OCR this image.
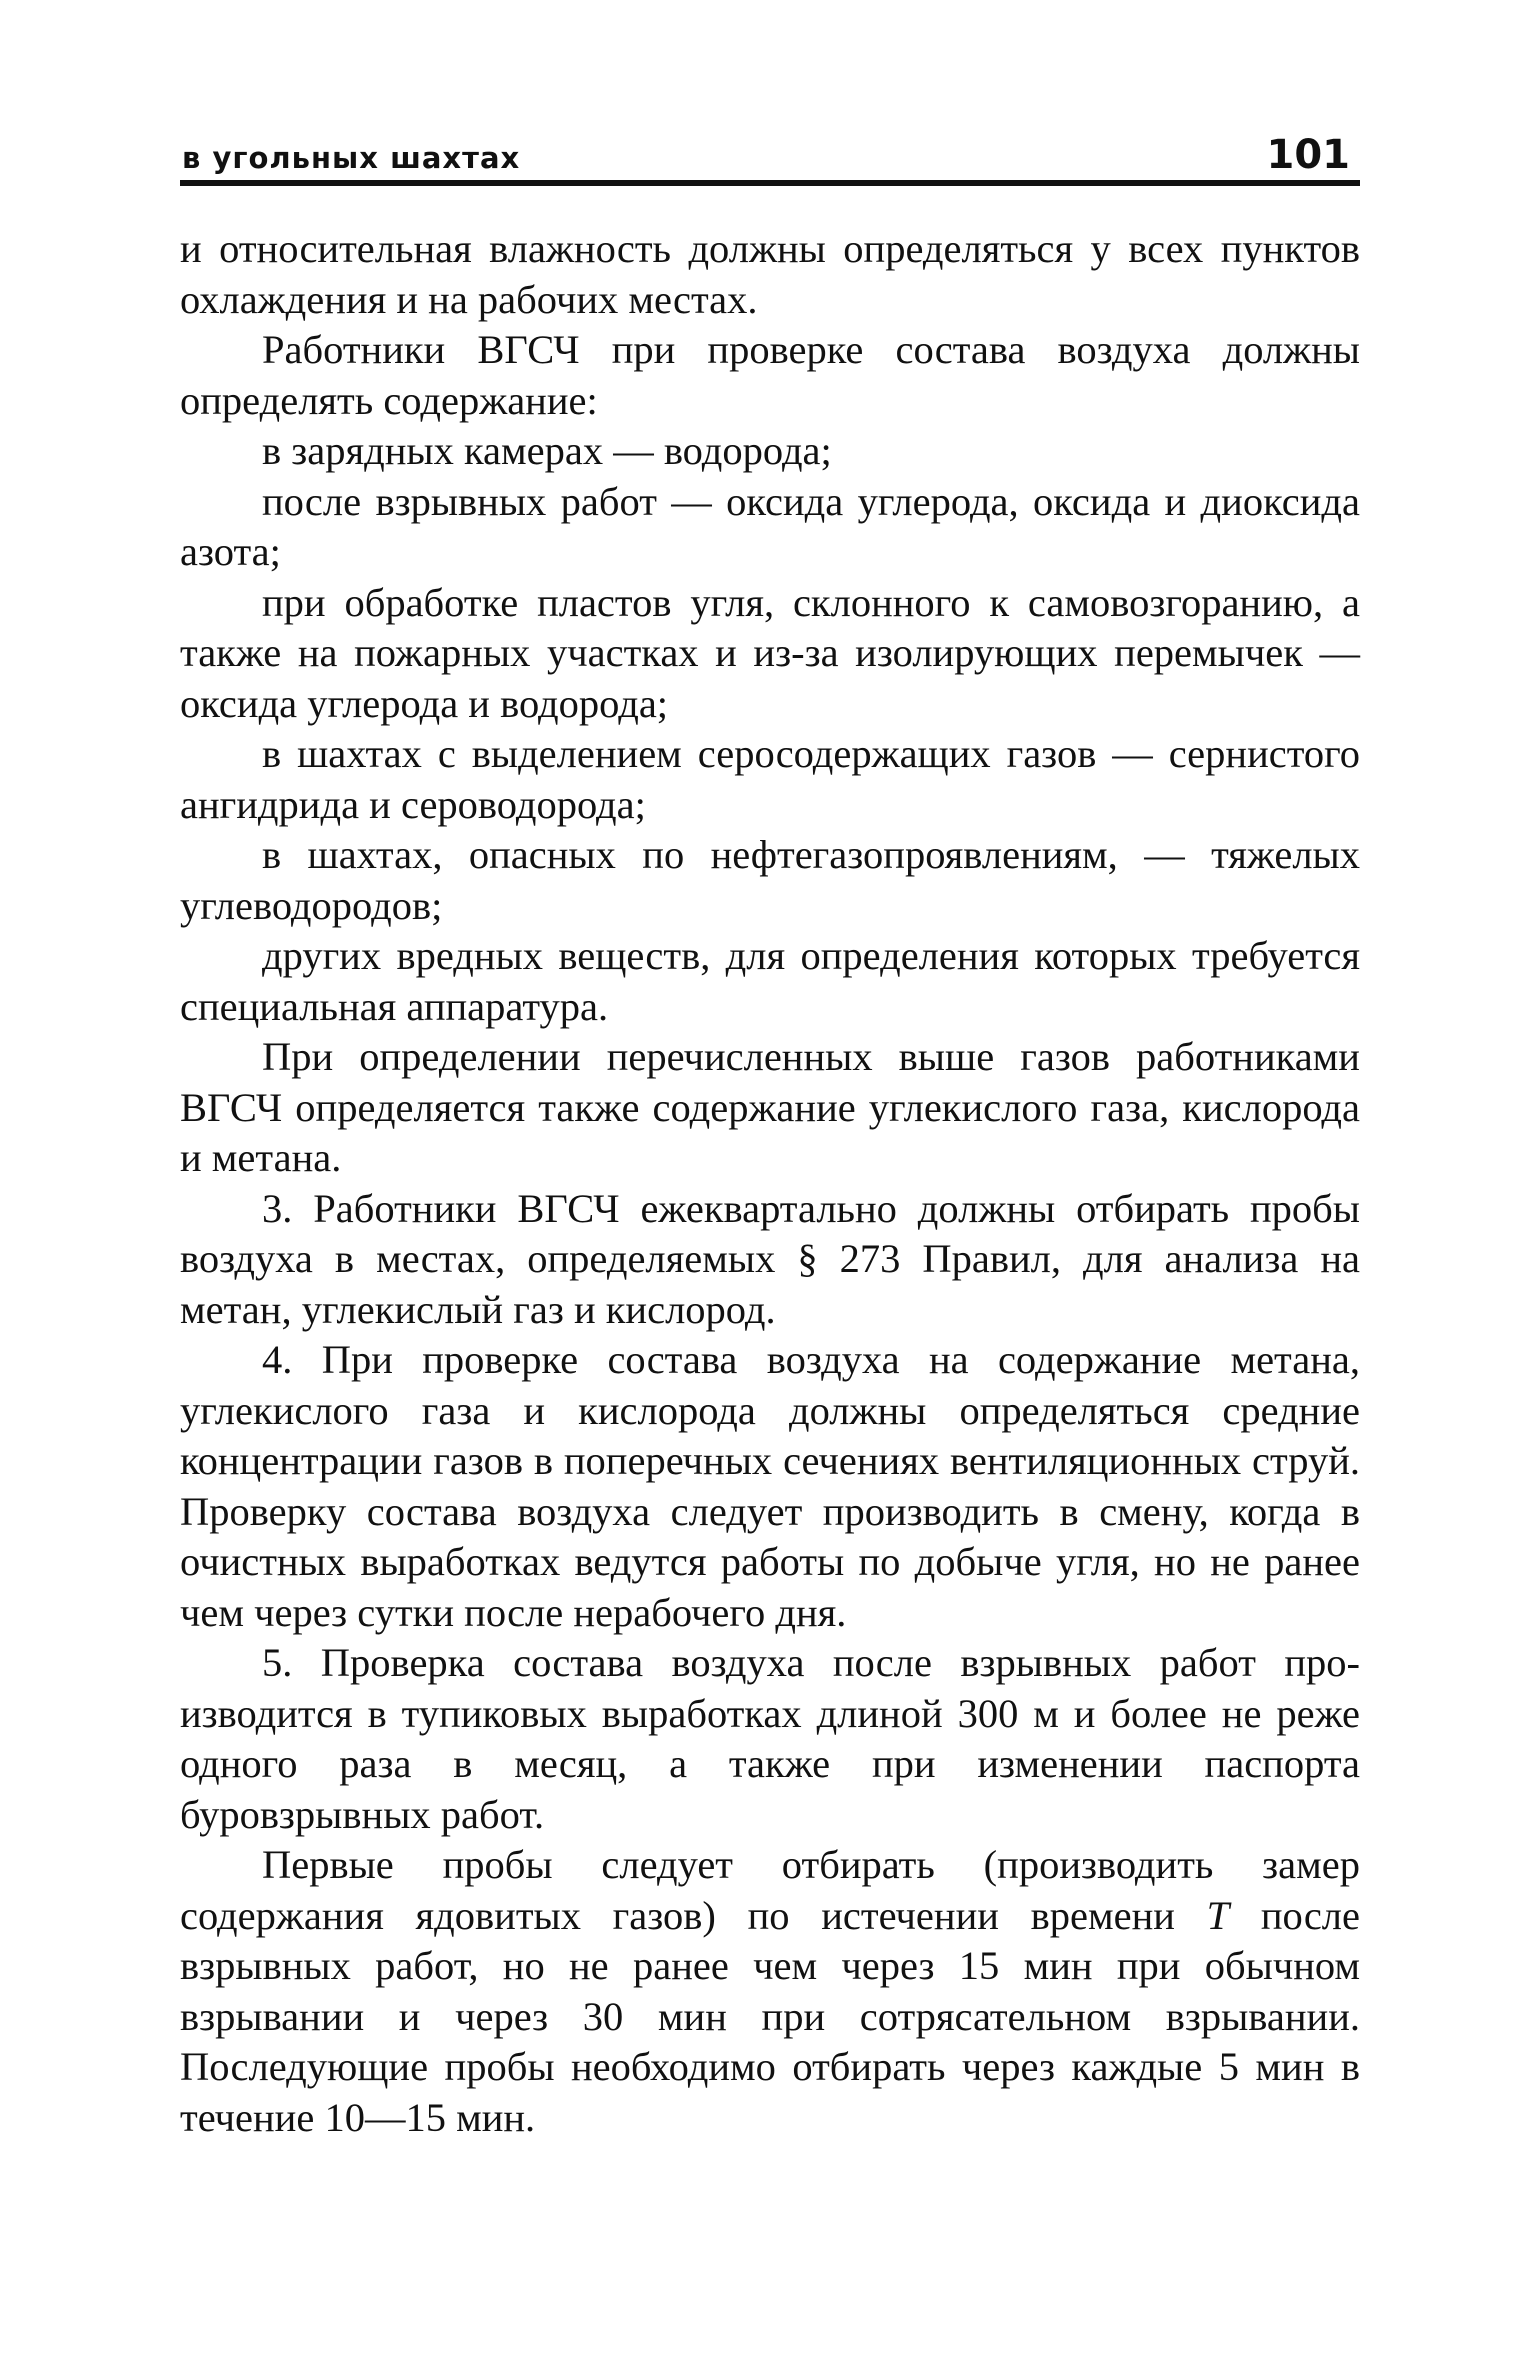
в угольных шахтах	101

и относительная влажность должны определяться у всех пунктов охлаждения и на рабочих местах.

Работники ВГСЧ при проверке состава воздуха должны определять содержание:

в зарядных камерах — водорода;

после взрывных работ — оксида углерода, оксида и диоксида азота;

при обработке пластов угля, склонного к самовозгоранию, а также на пожарных участках и из-за изолирующих перемычек — оксида углерода и водорода;

в шахтах с выделением серосодержащих газов — сернистого ангидрида и сероводорода;

в шахтах, опасных по нефтегазопроявлениям, — тяжелых углеводородов;

других вредных веществ, для определения которых требуется специальная аппаратура.

При определении перечисленных выше газов работниками ВГСЧ определяется также содержание углекислого газа, кислорода и метана.

3. Работники ВГСЧ ежеквартально должны отбирать пробы воздуха в местах, определяемых § 273 Правил, для анализа на метан, углекислый газ и кислород.

4. При проверке состава воздуха на содержание метана, углекислого газа и кислорода должны определяться средние концентрации газов в поперечных сечениях вентиляционных струй. Проверку состава воздуха следует производить в смену, когда в очистных выработках ведутся работы по добыче угля, но не ранее чем через сутки после нерабочего дня.

5. Проверка состава воздуха после взрывных работ производится в тупиковых выработках длиной 300 м и более не реже одного раза в месяц, а также при изменении паспорта буровзрывных работ.

Первые пробы следует отбирать (производить замер содержания ядовитых газов) по истечении времени T после взрывных работ, но не ранее чем через 15 мин при обычном взрывании и через 30 мин при сотрясательном взрывании. Последующие пробы необходимо отбирать через каждые 5 мин в течение 10—15 мин.
